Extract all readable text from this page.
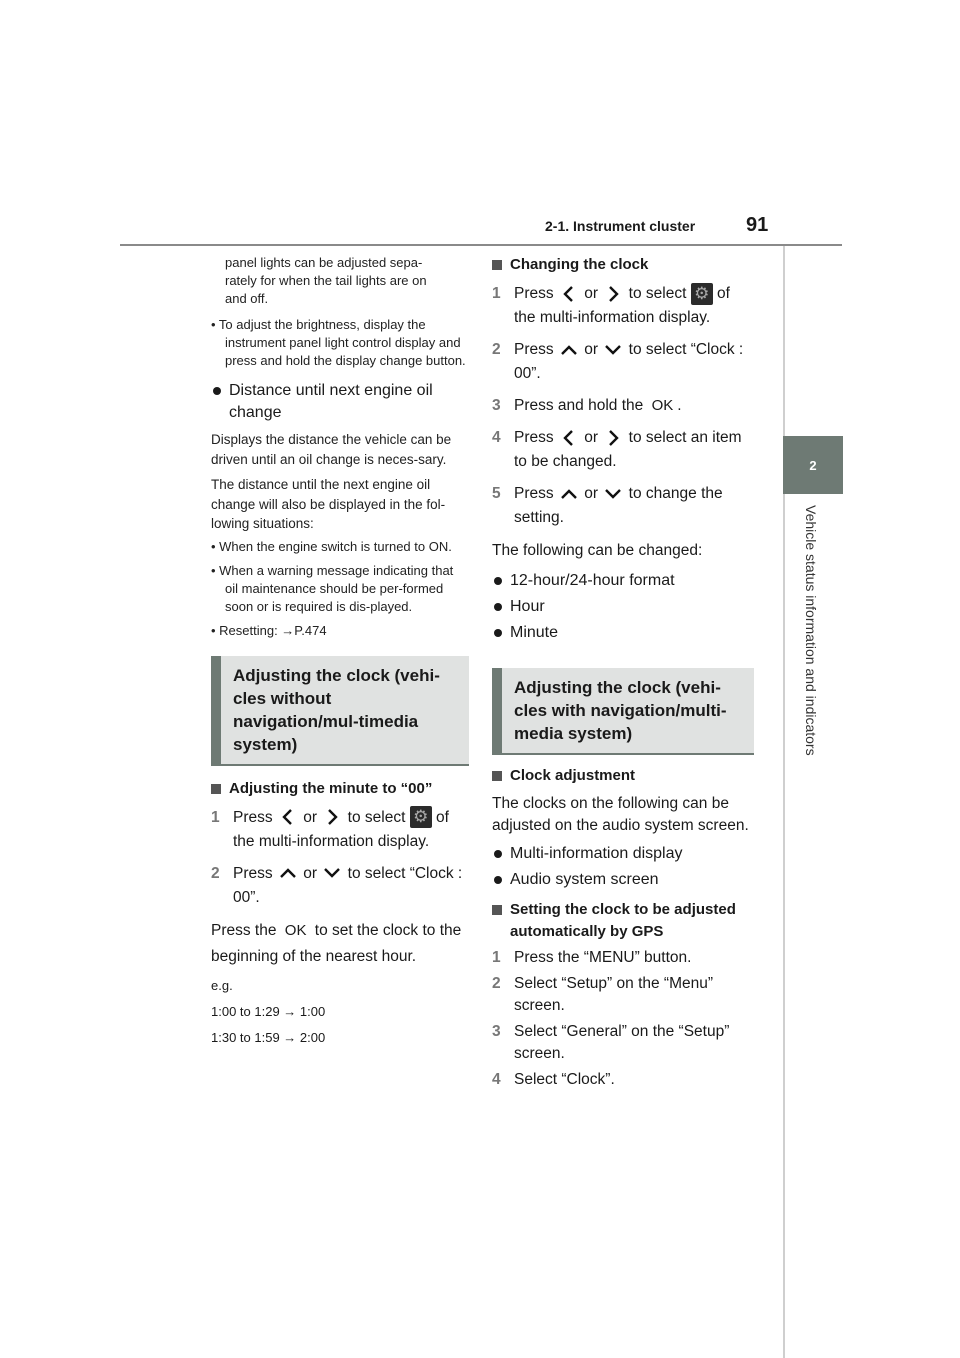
2-1. Instrument cluster	91
2
Vehicle status information and indicators
panel lights can be adjusted sepa-
rately for when the tail lights are on
and off.
• To adjust the brightness, display the instrument panel light control display and press and hold the display change button.
Distance until next engine oil change
Displays the distance the vehicle can be driven until an oil change is neces-sary.
The distance until the next engine oil change will also be displayed in the fol-lowing situations:
• When the engine switch is turned to ON.
• When a warning message indicating that oil maintenance should be per-formed soon or is required is dis-played.
• Resetting: →P.474
Adjusting the clock (vehi-cles without navigation/mul-timedia system)
Adjusting the minute to “00”
1 Press or to select ⚙ of the multi-information display.
2 Press or to select “Clock : 00”.
Press the OK to set the clock to the beginning of the nearest hour.
e.g.
1:00 to 1:29 → 1:00
1:30 to 1:59 → 2:00
Changing the clock
1 Press or to select ⚙ of the multi-information display.
2 Press or to select “Clock : 00”.
3 Press and hold the OK .
4 Press or to select an item to be changed.
5 Press or to change the setting.
The following can be changed:
12-hour/24-hour format
Hour
Minute
Adjusting the clock (vehi-cles with navigation/multi-media system)
Clock adjustment
The clocks on the following can be adjusted on the audio system screen.
Multi-information display
Audio system screen
Setting the clock to be adjusted automatically by GPS
1 Press the “MENU” button.
2 Select “Setup” on the “Menu” screen.
3 Select “General” on the “Setup” screen.
4 Select “Clock”.
